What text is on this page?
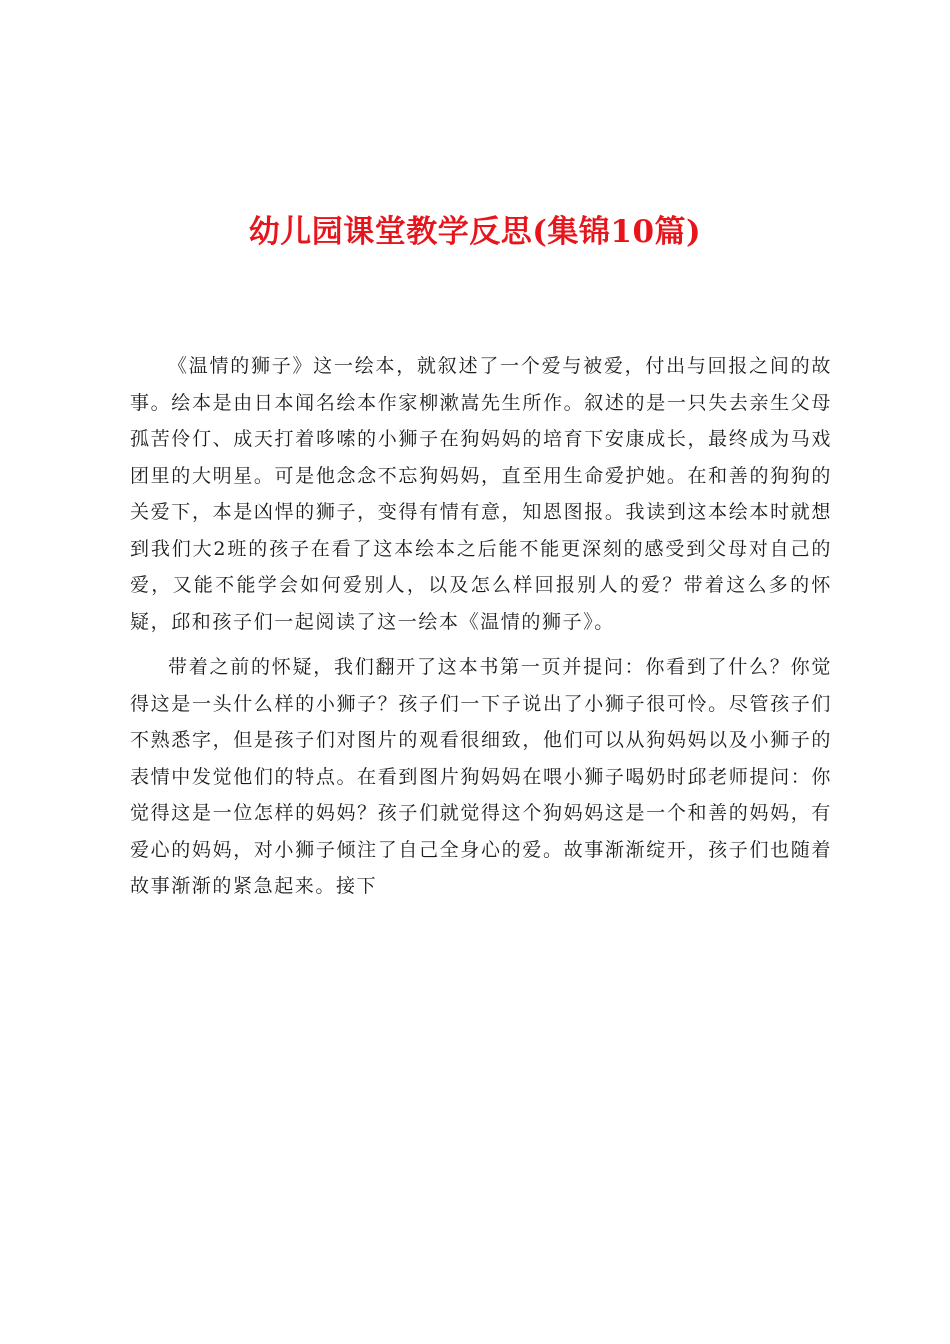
幼儿园课堂教学反思(集锦10篇)

《温情的狮子》这一绘本，就叙述了一个爱与被爱，付出与回报之间的故事。绘本是由日本闻名绘本作家柳漱嵩先生所作。叙述的是一只失去亲生父母孤苦伶仃、成天打着哆嗦的小狮子在狗妈妈的培育下安康成长，最终成为马戏团里的大明星。可是他念念不忘狗妈妈，直至用生命爱护她。在和善的狗狗的关爱下，本是凶悍的狮子，变得有情有意，知恩图报。我读到这本绘本时就想到我们大2班的孩子在看了这本绘本之后能不能更深刻的感受到父母对自己的爱，又能不能学会如何爱别人，以及怎么样回报别人的爱？带着这么多的怀疑，邱和孩子们一起阅读了这一绘本《温情的狮子》。

带着之前的怀疑，我们翻开了这本书第一页并提问：你看到了什么？你觉得这是一头什么样的小狮子？孩子们一下子说出了小狮子很可怜。尽管孩子们不熟悉字，但是孩子们对图片的观看很细致，他们可以从狗妈妈以及小狮子的表情中发觉他们的特点。在看到图片狗妈妈在喂小狮子喝奶时邱老师提问：你觉得这是一位怎样的妈妈？孩子们就觉得这个狗妈妈这是一个和善的妈妈，有爱心的妈妈，对小狮子倾注了自己全身心的爱。故事渐渐绽开，孩子们也随着故事渐渐的紧急起来。接下
